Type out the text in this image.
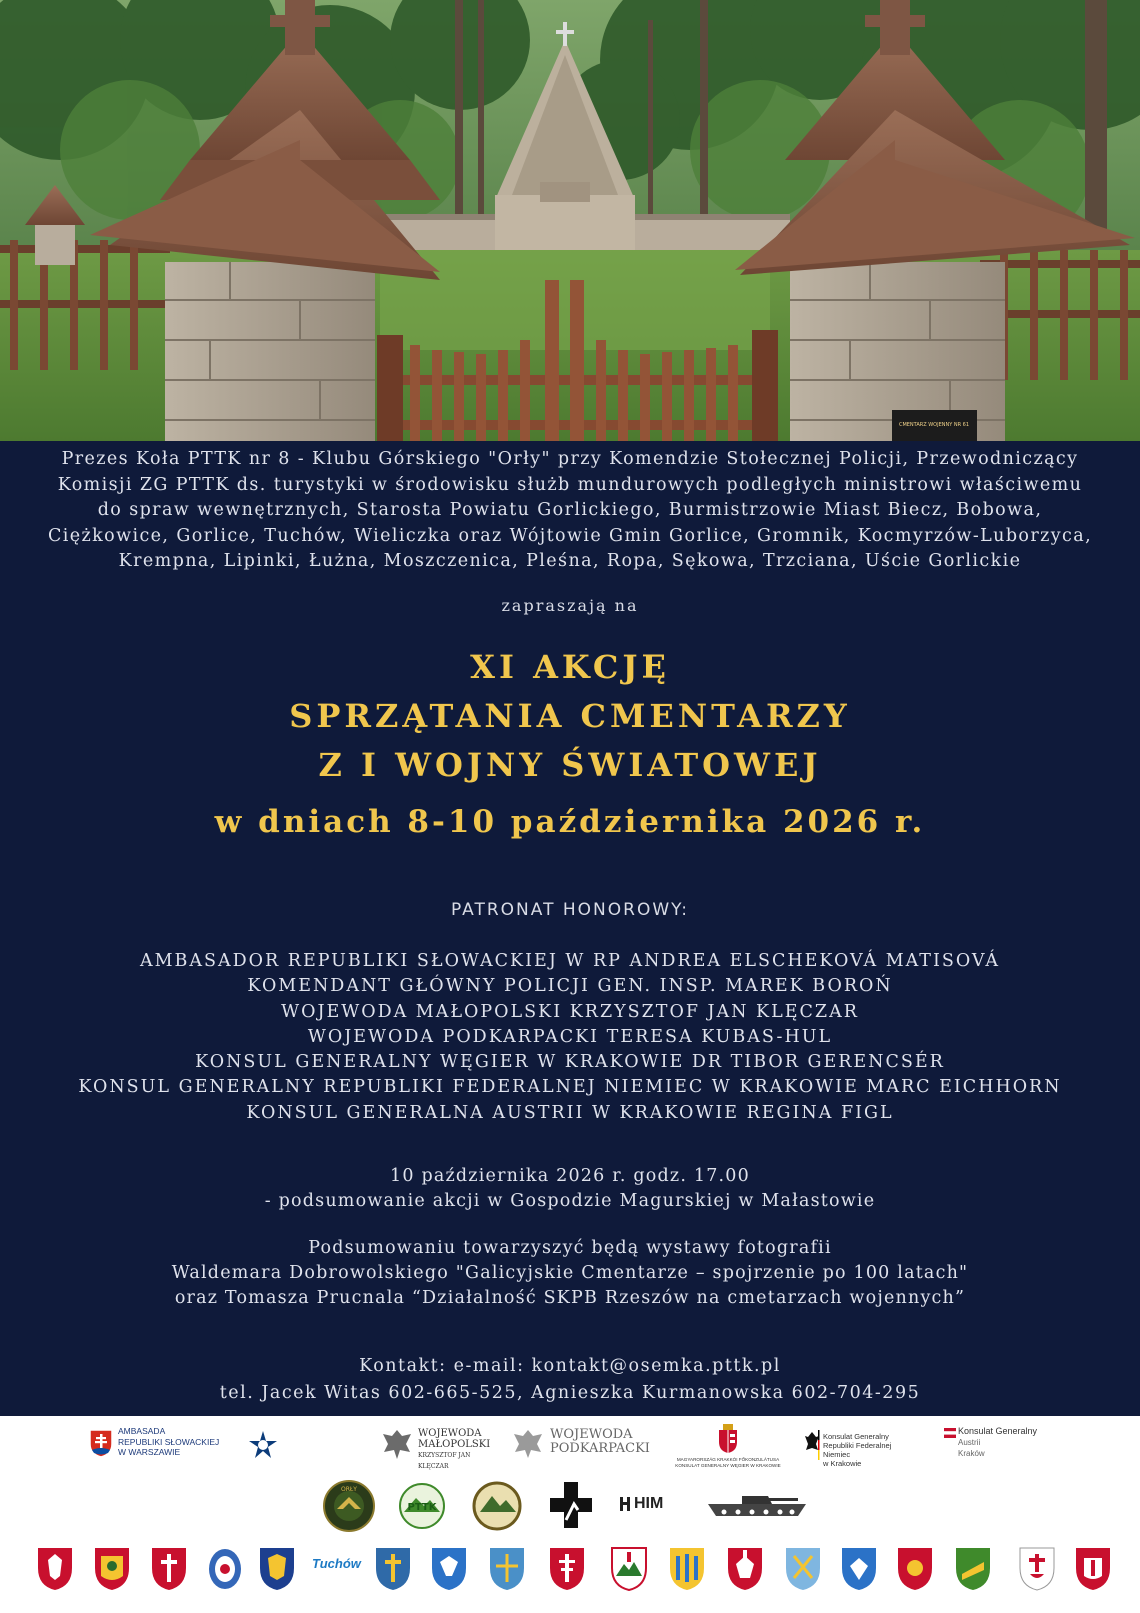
CMENTARZ WOJENNY NR 61
Prezes Koła PTTK nr 8 - Klubu Górskiego "Orły" przy Komendzie Stołecznej Policji, Przewodniczący
Komisji ZG PTTK ds. turystyki w środowisku służb mundurowych podległych ministrowi właściwemu
do spraw wewnętrznych, Starosta Powiatu Gorlickiego, Burmistrzowie Miast Biecz, Bobowa,
Ciężkowice, Gorlice, Tuchów, Wieliczka oraz Wójtowie Gmin Gorlice, Gromnik, Kocmyrzów-Luborzyca,
Krempna, Lipinki, Łużna, Moszczenica, Pleśna, Ropa, Sękowa, Trzciana, Uście Gorlickie
zapraszają na
XI AKCJĘ
SPRZĄTANIA CMENTARZY
Z I WOJNY ŚWIATOWEJ
w dniach 8-10 października 2026 r.
PATRONAT HONOROWY:
AMBASADOR REPUBLIKI SŁOWACKIEJ W RP ANDREA ELSCHEKOVÁ MATISOVÁ
KOMENDANT GŁÓWNY POLICJI GEN. INSP. MAREK BOROŃ
WOJEWODA MAŁOPOLSKI KRZYSZTOF JAN KLĘCZAR
WOJEWODA PODKARPACKI TERESA KUBAS-HUL
KONSUL GENERALNY WĘGIER W KRAKOWIE DR TIBOR GERENCSÉR
KONSUL GENERALNY REPUBLIKI FEDERALNEJ NIEMIEC W KRAKOWIE MARC EICHHORN
KONSUL GENERALNA AUSTRII W KRAKOWIE REGINA FIGL
10 października 2026 r. godz. 17.00
- podsumowanie akcji w Gospodzie Magurskiej w Małastowie
Podsumowaniu towarzyszyć będą wystawy fotografii
Waldemara Dobrowolskiego "Galicyjskie Cmentarze – spojrzenie po 100 latach"
oraz Tomasza Prucnala “Działalność SKPB Rzeszów na cmetarzach wojennych”
Kontakt: e-mail: kontakt@osemka.pttk.pl
tel. Jacek Witas 602-665-525, Agnieszka Kurmanowska 602-704-295
AMBASADA
REPUBLIKI SŁOWACKIEJ
W WARSZAWIE
WOJEWODA
MAŁOPOLSKI
KRZYSZTOF JAN KLĘCZAR
WOJEWODA
PODKARPACKI
MAGYARORSZÁG KRAKKÓI FŐKONZULÁTUSA
KONSULAT GENERALNY WĘGIER W KRAKOWIE
Konsulat Generalny
Republiki Federalnej Niemiec
w Krakowie
Konsulat Generalny
Austrii
Kraków
ORŁY
PTTK	HIM
Tuchów
